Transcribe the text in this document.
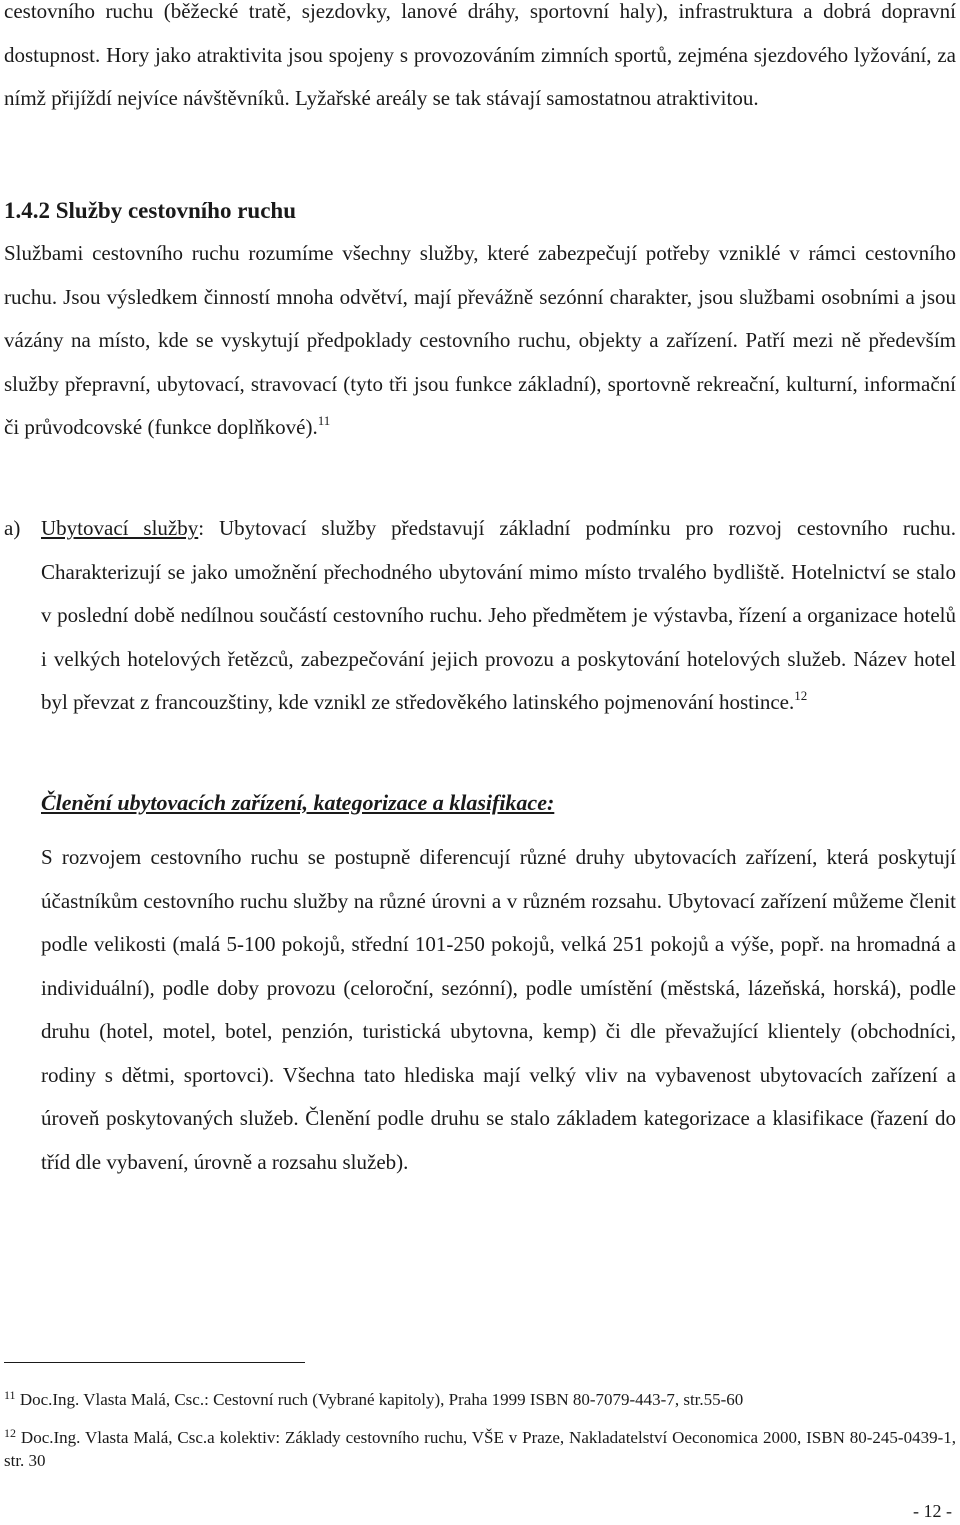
cestovního ruchu (běžecké tratě, sjezdovky, lanové dráhy, sportovní haly), infrastruktura a dobrá dopravní dostupnost. Hory jako atraktivita jsou spojeny s provozováním zimních sportů, zejména sjezdového lyžování, za nímž přijíždí nejvíce návštěvníků. Lyžařské areály se tak stávají samostatnou atraktivitou.
1.4.2 Služby cestovního ruchu
Službami cestovního ruchu rozumíme všechny služby, které zabezpečují potřeby vzniklé v rámci cestovního ruchu. Jsou výsledkem činností mnoha odvětví, mají převážně sezónní charakter, jsou službami osobními a jsou vázány na místo, kde se vyskytují předpoklady cestovního ruchu, objekty a zařízení. Patří mezi ně především služby přepravní, ubytovací, stravovací (tyto tři jsou funkce základní), sportovně rekreační, kulturní, informační či průvodcovské (funkce doplňkové).$^{11}$
a) Ubytovací služby: Ubytovací služby představují základní podmínku pro rozvoj cestovního ruchu. Charakterizují se jako umožnění přechodného ubytování mimo místo trvalého bydliště. Hotelnictví se stalo v poslední době nedílnou součástí cestovního ruchu. Jeho předmětem je výstavba, řízení a organizace hotelů i velkých hotelových řetězců, zabezpečování jejich provozu a poskytování hotelových služeb. Název hotel byl převzat z francouzštiny, kde vznikl ze středověkého latinského pojmenování hostince.$^{12}$
Členění ubytovacích zařízení, kategorizace a klasifikace:
S rozvojem cestovního ruchu se postupně diferencují různé druhy ubytovacích zařízení, která poskytují účastníkům cestovního ruchu služby na různé úrovni a v různém rozsahu. Ubytovací zařízení můžeme členit podle velikosti (malá 5-100 pokojů, střední 101-250 pokojů, velká 251 pokojů a výše, popř. na hromadná a individuální), podle doby provozu (celoroční, sezónní), podle umístění (městská, lázeňská, horská), podle druhu (hotel, motel, botel, penzión, turistická ubytovna, kemp) či dle převažující klientely (obchodníci, rodiny s dětmi, sportovci). Všechna tato hlediska mají velký vliv na vybavenost ubytovacích zařízení a úroveň poskytovaných služeb. Členění podle druhu se stalo základem kategorizace a klasifikace (řazení do tříd dle vybavení, úrovně a rozsahu služeb).
$^{11}$ Doc.Ing. Vlasta Malá, Csc.: Cestovní ruch (Vybrané kapitoly), Praha 1999 ISBN 80-7079-443-7, str.55-60
$^{12}$ Doc.Ing. Vlasta Malá, Csc.a kolektiv: Základy cestovního ruchu, VŠE v Praze, Nakladatelství Oeconomica 2000, ISBN 80-245-0439-1, str. 30
- 12 -
